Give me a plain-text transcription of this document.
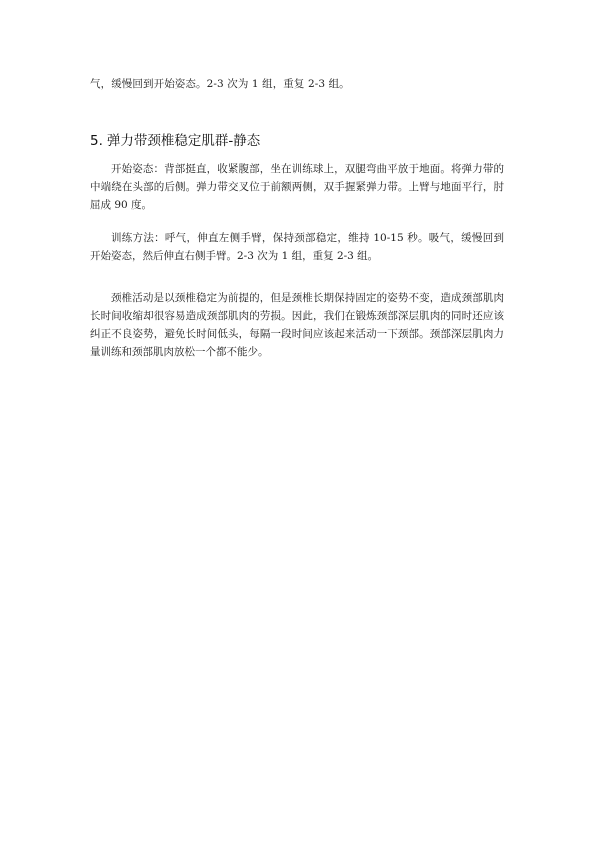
气，缓慢回到开始姿态。2-3 次为 1 组，重复 2-3 组。
5. 弹力带颈椎稳定肌群-静态
开始姿态：背部挺直，收紧腹部，坐在训练球上，双腿弯曲平放于地面。将弹力带的中端绕在头部的后侧。弹力带交叉位于前额两侧，双手握紧弹力带。上臂与地面平行，肘屈成 90 度。
训练方法：呼气，伸直左侧手臂，保持颈部稳定，维持 10-15 秒。吸气，缓慢回到开始姿态，然后伸直右侧手臂。2-3 次为 1 组，重复 2-3 组。
颈椎活动是以颈椎稳定为前提的，但是颈椎长期保持固定的姿势不变，造成颈部肌肉长时间收缩却很容易造成颈部肌肉的劳损。因此，我们在锻炼颈部深层肌肉的同时还应该纠正不良姿势，避免长时间低头，每隔一段时间应该起来活动一下颈部。颈部深层肌肉力量训练和颈部肌肉放松一个都不能少。
